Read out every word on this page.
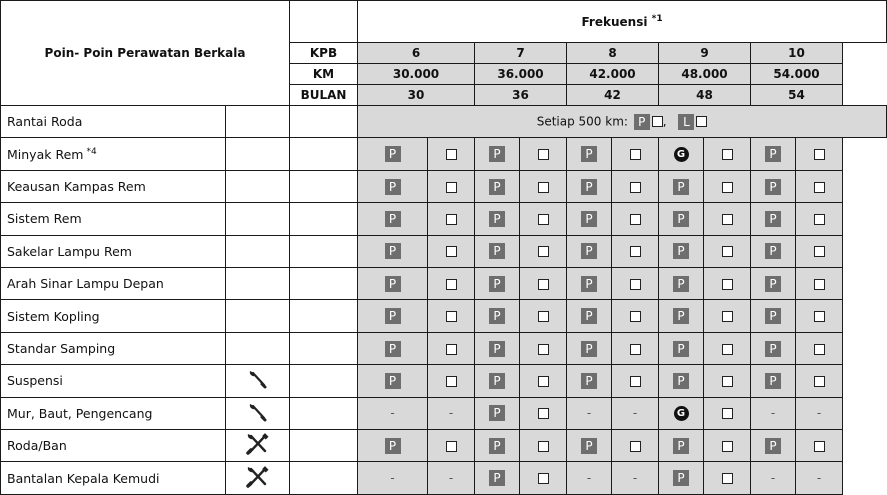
Poin- Poin Perawatan Berkala			Frekuensi $^{*1}$
		KPB	6		7		8		9		10	
		KM	30.000		36.000		42.000		48.000		54.000	
		BULAN	30		36		42		48		54	
Rantai Roda			Setiap 500 km: P , L									
Minyak Rem $^{*4}$			P		P		P		G		P	
Keausan Kampas Rem			P		P		P		P		P	
Sistem Rem			P		P		P		P		P	
Sakelar Lampu Rem			P		P		P		P		P	
Arah Sinar Lampu Depan			P		P		P		P		P	
Sistem Kopling			P		P		P		P		P	
Standar Samping			P		P		P		P		P	
Suspensi			P		P		P		P		P	
Mur, Baut, Pengencang			-	-	P		-	-	G		-	-
Roda/Ban			P		P		P		P		P	
Bantalan Kepala Kemudi			-	-	P		-	-	P		-	-
